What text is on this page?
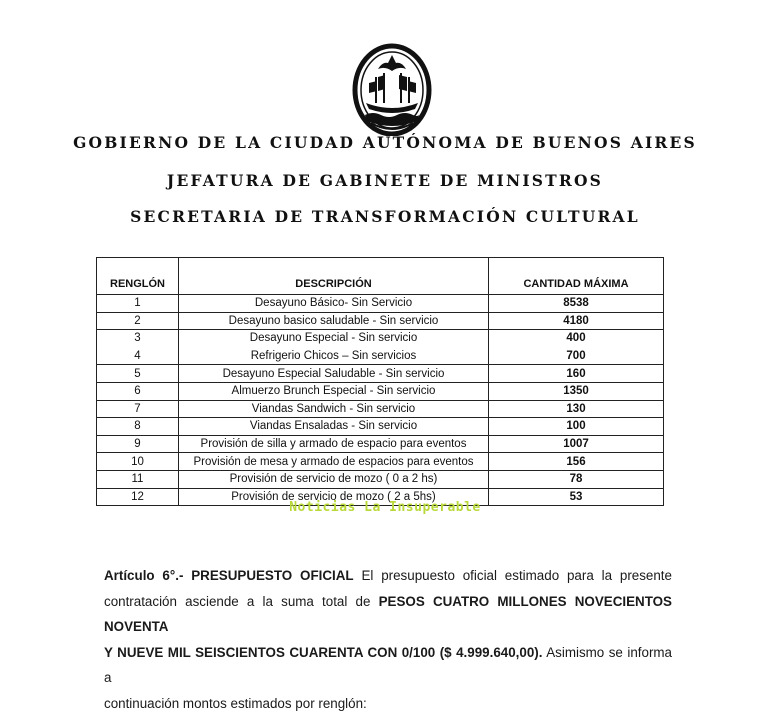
GOBIERNO DE LA CIUDAD AUTÓNOMA DE BUENOS AIRES
JEFATURA DE GABINETE DE MINISTROS
SECRETARIA DE TRANSFORMACIÓN CULTURAL
RENGLÓN	DESCRIPCIÓN	CANTIDAD MÁXIMA
1	Desayuno Básico- Sin Servicio	8538
2	Desayuno basico saludable - Sin servicio	4180
3	Desayuno Especial - Sin servicio	400
4	Refrigerio Chicos – Sin servicios	700
5	Desayuno Especial Saludable - Sin servicio	160
6	Almuerzo Brunch Especial - Sin servicio	1350
7	Viandas Sandwich - Sin servicio	130
8	Viandas Ensaladas - Sin servicio	100
9	Provisión de silla y armado de espacio para eventos	1007
10	Provisión de mesa y armado de espacios para eventos	156
11	Provisión de servicio de mozo ( 0 a 2 hs)	78
12	Provisión de servicio de mozo ( 2 a 5hs)	53
Noticias La Insuperable
Artículo 6°.- PRESUPUESTO OFICIAL El presupuesto oficial estimado para la presente
contratación asciende a la suma total de PESOS CUATRO MILLONES NOVECIENTOS NOVENTA
Y NUEVE MIL SEISCIENTOS CUARENTA CON 0/100 ($ 4.999.640,00). Asimismo se informa a
continuación montos estimados por renglón:
